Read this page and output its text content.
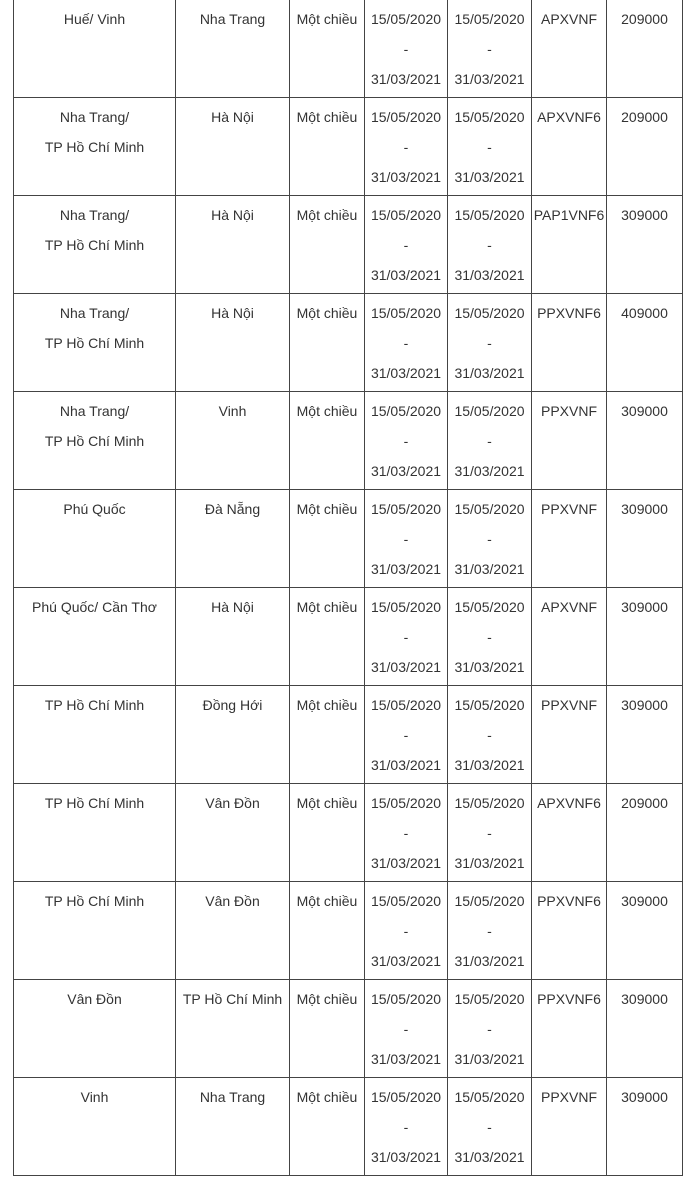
Huế/ Vinh	Nha Trang	Một chiều	15/05/2020
-
31/03/2021	15/05/2020
-
31/03/2021	APXVNF	209000

Nha Trang/
TP Hồ Chí Minh	Hà Nội	Một chiều	15/05/2020
-
31/03/2021	15/05/2020
-
31/03/2021	APXVNF6	209000

Nha Trang/
TP Hồ Chí Minh	Hà Nội	Một chiều	15/05/2020
-
31/03/2021	15/05/2020
-
31/03/2021	PAP1VNF6	309000

Nha Trang/
TP Hồ Chí Minh	Hà Nội	Một chiều	15/05/2020
-
31/03/2021	15/05/2020
-
31/03/2021	PPXVNF6	409000

Nha Trang/
TP Hồ Chí Minh	Vinh	Một chiều	15/05/2020
-
31/03/2021	15/05/2020
-
31/03/2021	PPXVNF	309000

Phú Quốc	Đà Nẵng	Một chiều	15/05/2020
-
31/03/2021	15/05/2020
-
31/03/2021	PPXVNF	309000

Phú Quốc/ Cần Thơ	Hà Nội	Một chiều	15/05/2020
-
31/03/2021	15/05/2020
-
31/03/2021	APXVNF	309000

TP Hồ Chí Minh	Đồng Hới	Một chiều	15/05/2020
-
31/03/2021	15/05/2020
-
31/03/2021	PPXVNF	309000

TP Hồ Chí Minh	Vân Đồn	Một chiều	15/05/2020
-
31/03/2021	15/05/2020
-
31/03/2021	APXVNF6	209000

TP Hồ Chí Minh	Vân Đồn	Một chiều	15/05/2020
-
31/03/2021	15/05/2020
-
31/03/2021	PPXVNF6	309000

Vân Đồn	TP Hồ Chí Minh	Một chiều	15/05/2020
-
31/03/2021	15/05/2020
-
31/03/2021	PPXVNF6	309000

Vinh	Nha Trang	Một chiều	15/05/2020
-
31/03/2021	15/05/2020
-
31/03/2021	PPXVNF	309000
